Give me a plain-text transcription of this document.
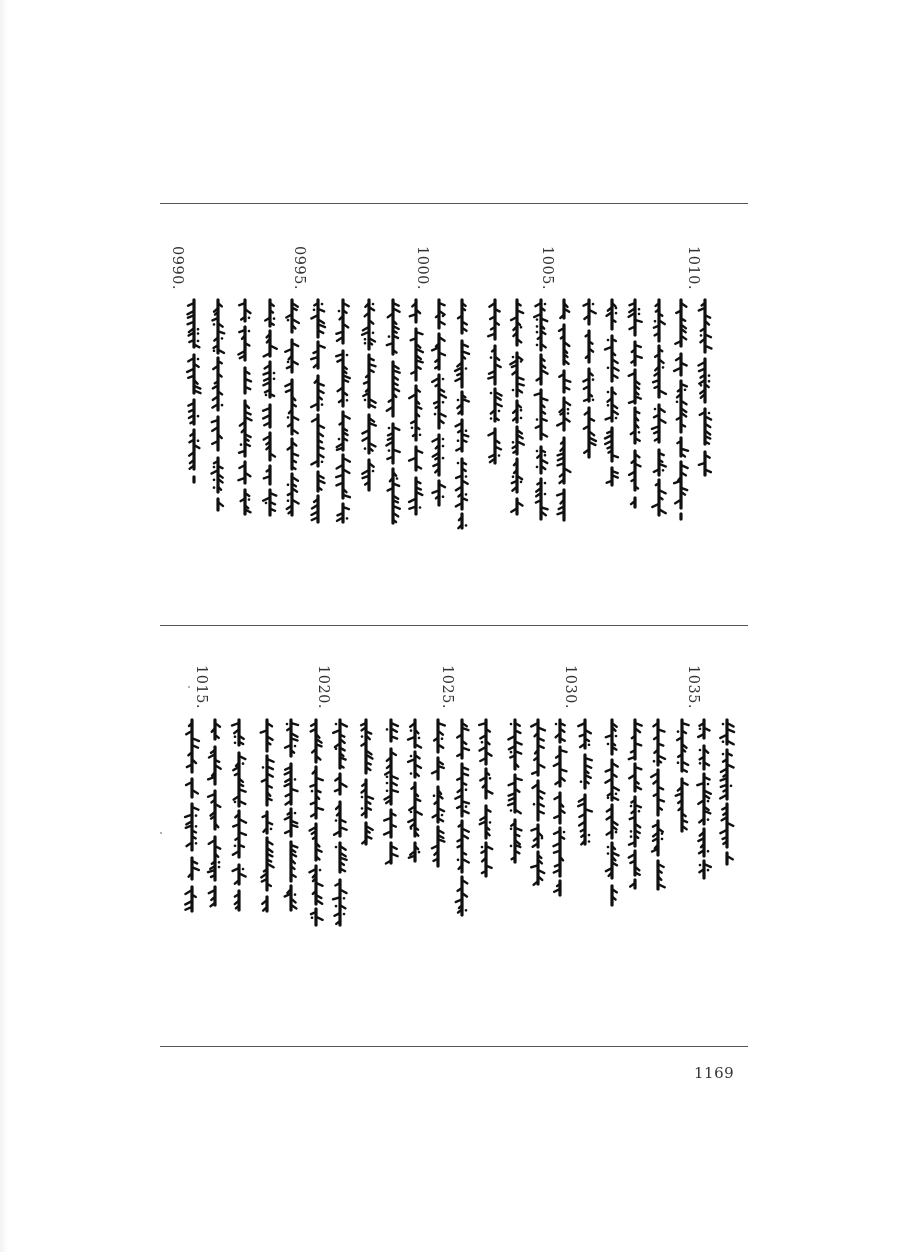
1010.
1005.
1000.
0995.
0990.
1035.
1030.
1025.
1020.
1015.
1169
